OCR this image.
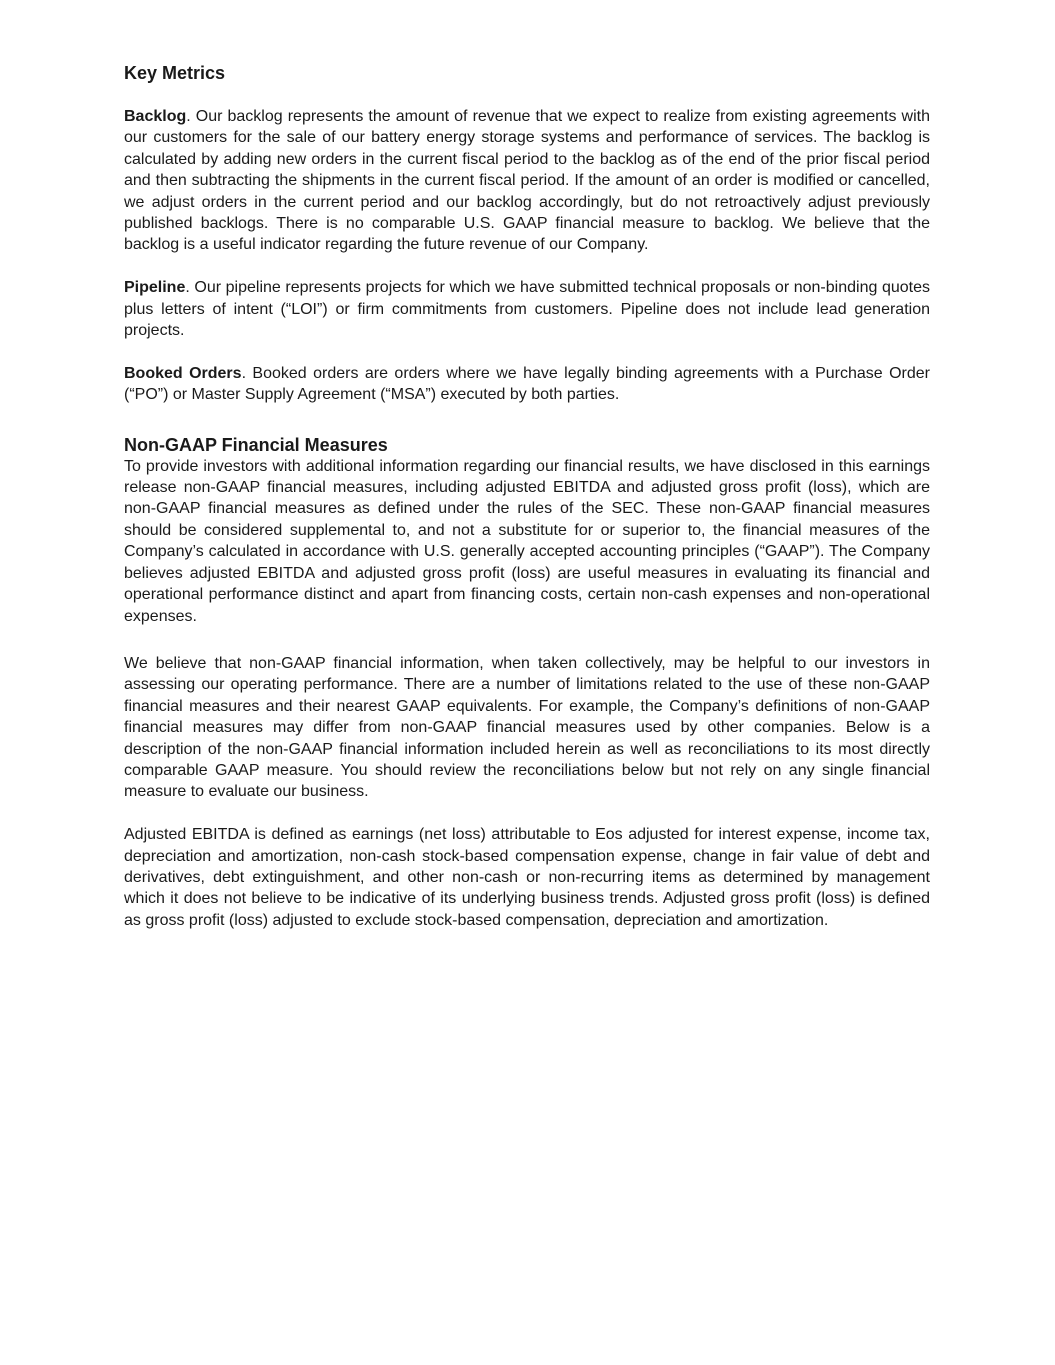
Key Metrics

Backlog. Our backlog represents the amount of revenue that we expect to realize from existing agreements with our customers for the sale of our battery energy storage systems and performance of services. The backlog is calculated by adding new orders in the current fiscal period to the backlog as of the end of the prior fiscal period and then subtracting the shipments in the current fiscal period. If the amount of an order is modified or cancelled, we adjust orders in the current period and our backlog accordingly, but do not retroactively adjust previously published backlogs. There is no comparable U.S. GAAP financial measure to backlog. We believe that the backlog is a useful indicator regarding the future revenue of our Company.

Pipeline. Our pipeline represents projects for which we have submitted technical proposals or non-binding quotes plus letters of intent (“LOI”) or firm commitments from customers. Pipeline does not include lead generation projects.

Booked Orders. Booked orders are orders where we have legally binding agreements with a Purchase Order (“PO”) or Master Supply Agreement (“MSA”) executed by both parties.

Non-GAAP Financial Measures

To provide investors with additional information regarding our financial results, we have disclosed in this earnings release non-GAAP financial measures, including adjusted EBITDA and adjusted gross profit (loss), which are non-GAAP financial measures as defined under the rules of the SEC. These non-GAAP financial measures should be considered supplemental to, and not a substitute for or superior to, the financial measures of the Company’s calculated in accordance with U.S. generally accepted accounting principles (“GAAP”). The Company believes adjusted EBITDA and adjusted gross profit (loss) are useful measures in evaluating its financial and operational performance distinct and apart from financing costs, certain non-cash expenses and non-operational expenses.

We believe that non-GAAP financial information, when taken collectively, may be helpful to our investors in assessing our operating performance. There are a number of limitations related to the use of these non-GAAP financial measures and their nearest GAAP equivalents. For example, the Company’s definitions of non-GAAP financial measures may differ from non-GAAP financial measures used by other companies. Below is a description of the non-GAAP financial information included herein as well as reconciliations to its most directly comparable GAAP measure. You should review the reconciliations below but not rely on any single financial measure to evaluate our business.

Adjusted EBITDA is defined as earnings (net loss) attributable to Eos adjusted for interest expense, income tax, depreciation and amortization, non-cash stock-based compensation expense, change in fair value of debt and derivatives, debt extinguishment, and other non-cash or non-recurring items as determined by management which it does not believe to be indicative of its underlying business trends. Adjusted gross profit (loss) is defined as gross profit (loss) adjusted to exclude stock-based compensation, depreciation and amortization.
